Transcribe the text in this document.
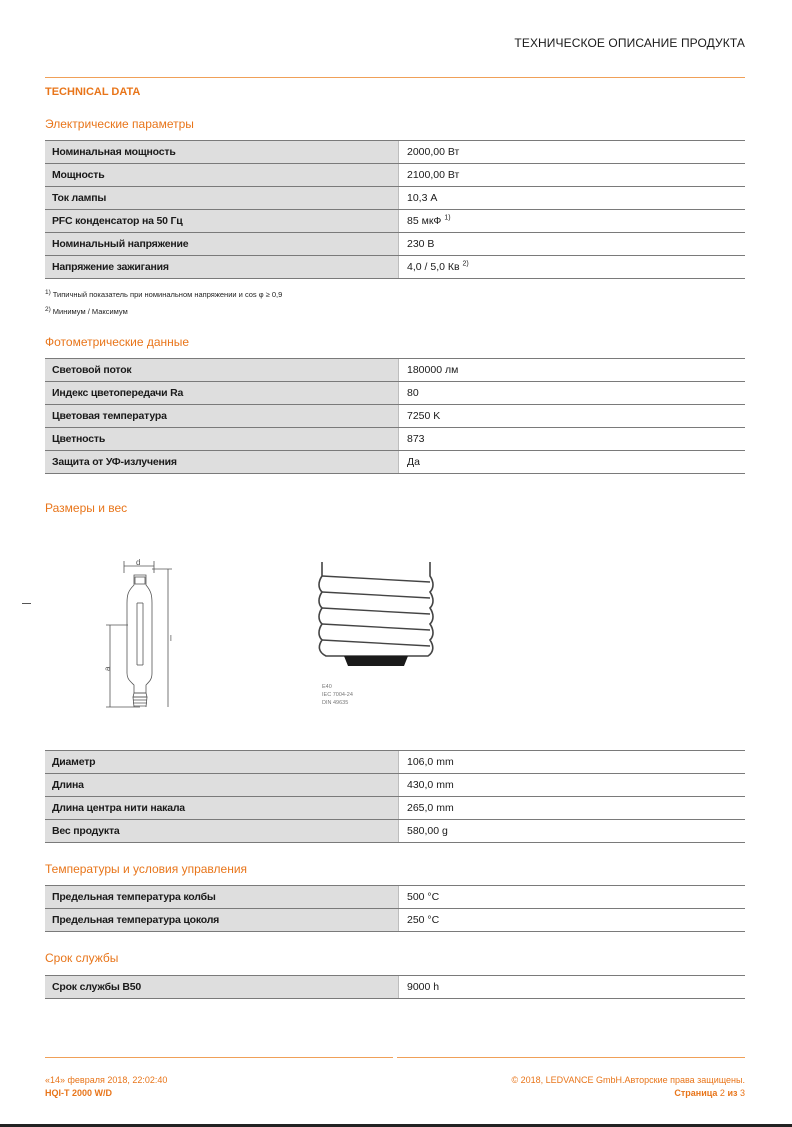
ТЕХНИЧЕСКОЕ ОПИСАНИЕ ПРОДУКТА
TECHNICAL DATA
Электрические параметры
Номинальная мощность	2000,00 Вт
Мощность	2100,00 Вт
Ток лампы	10,3 А
PFC конденсатор на 50 Гц	85 мкФ $^{1)}$
Номинальный напряжение	230 В
Напряжение зажигания	4,0 / 5,0 Кв $^{2)}$
1) Типичный показатель при номинальном напряжении и cos φ ≥ 0,9
2) Минимум / Максимум
Фотометрические данные
Световой поток	180000 лм
Индекс цветопередачи Ra	80
Цветовая температура	7250 K
Цветность	873
Защита от УФ-излучения	Да
Размеры и вес
d
a
l
E40
IEC 7004-24
DIN 49635
Диаметр	106,0 mm
Длина	430,0 mm
Длина центра нити накала	265,0 mm
Вес продукта	580,00 g
Температуры и условия управления
Предельная температура колбы	500 °C
Предельная температура цоколя	250 °C
Срок службы
Срок службы B50	9000 h
«14» февраля 2018, 22:02:40
HQI-T 2000 W/D
© 2018, LEDVANCE GmbH.Авторские права защищены.
Страница 2 из 3
